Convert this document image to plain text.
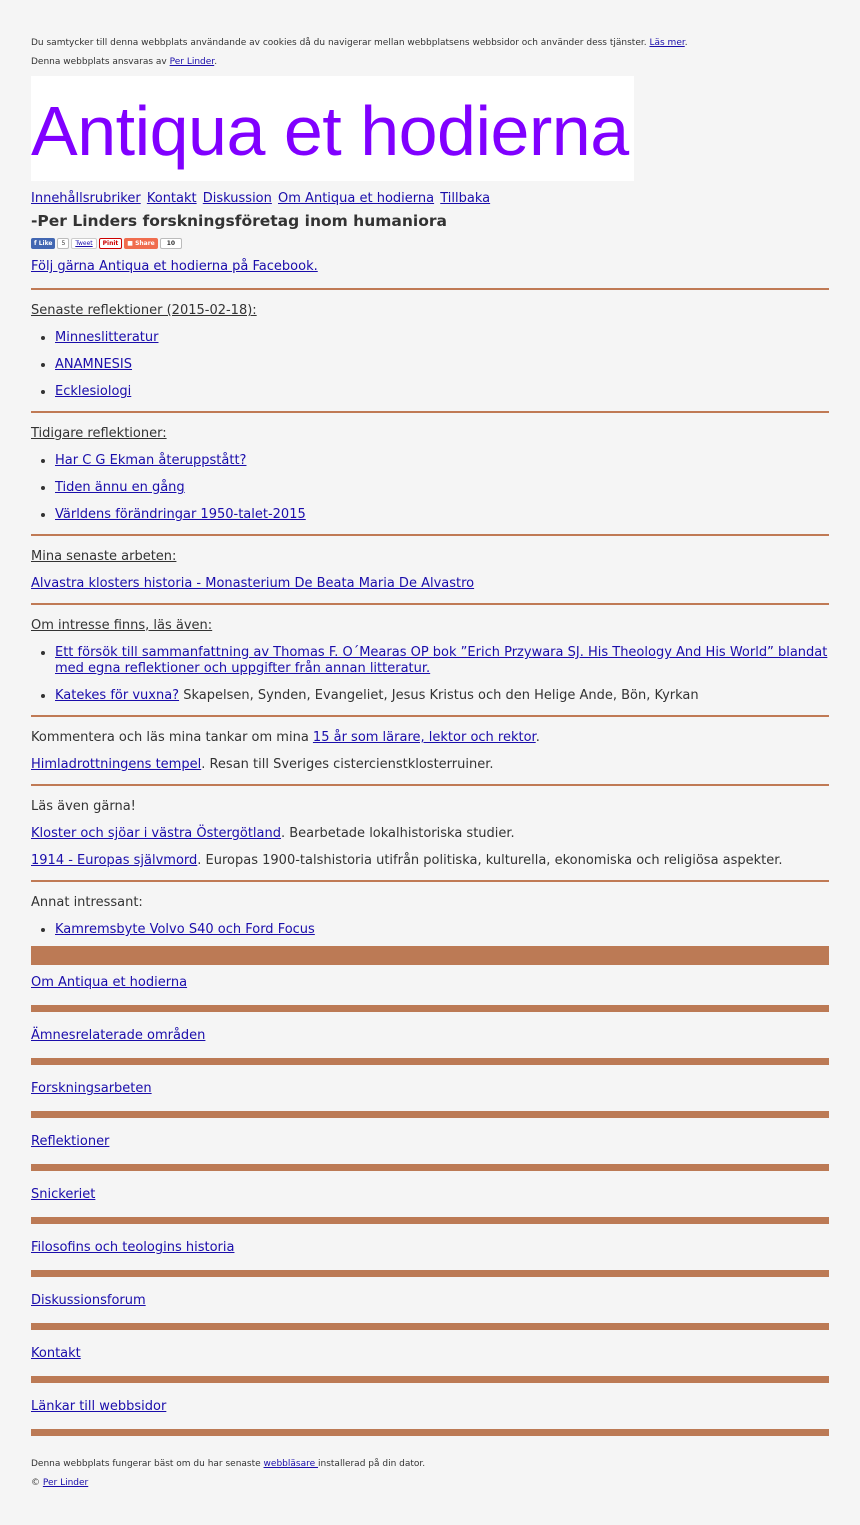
Du samtycker till denna webbplats användande av cookies då du navigerar mellan webbplatsens webbsidor och använder dess tjänster. Läs mer.

Denna webbplats ansvaras av Per Linder.

Antiqua et hodierna
Innehållsrubriker Kontakt Diskussion Om Antiqua et hodierna Tillbaka
-Per Linders forskningsföretag inom humaniora
f Like	5	Tweet	Pinit	■ Share	10

Följ gärna Antiqua et hodierna på Facebook.

Senaste reflektioner (2015-02-18):

• Minneslitteratur
• ANAMNESIS
• Ecklesiologi

Tidigare reflektioner:

• Har C G Ekman återuppstått?
• Tiden ännu en gång
• Världens förändringar 1950-talet-2015

Mina senaste arbeten:

Alvastra klosters historia - Monasterium De Beata Maria De Alvastro

Om intresse finns, läs även:

• Ett försök till sammanfattning av Thomas F. O´Mearas OP bok ”Erich Przywara SJ. His Theology And His World” blandat med egna reflektioner och uppgifter från annan litteratur.
• Katekes för vuxna? Skapelsen, Synden, Evangeliet, Jesus Kristus och den Helige Ande, Bön, Kyrkan

Kommentera och läs mina tankar om mina 15 år som lärare, lektor och rektor.

Himladrottningens tempel. Resan till Sveriges cistercienstklosterruiner.

Läs även gärna!

Kloster och sjöar i västra Östergötland. Bearbetade lokalhistoriska studier.

1914 - Europas självmord. Europas 1900-talshistoria utifrån politiska, kulturella, ekonomiska och religiösa aspekter.

Annat intressant:

• Kamremsbyte Volvo S40 och Ford Focus
Om Antiqua et hodierna
Ämnesrelaterade områden
Forskningsarbeten
Reflektioner
Snickeriet
Filosofins och teologins historia
Diskussionsforum
Kontakt
Länkar till webbsidor

Denna webbplats fungerar bäst om du har senaste webbläsare installerad på din dator.

© Per Linder
